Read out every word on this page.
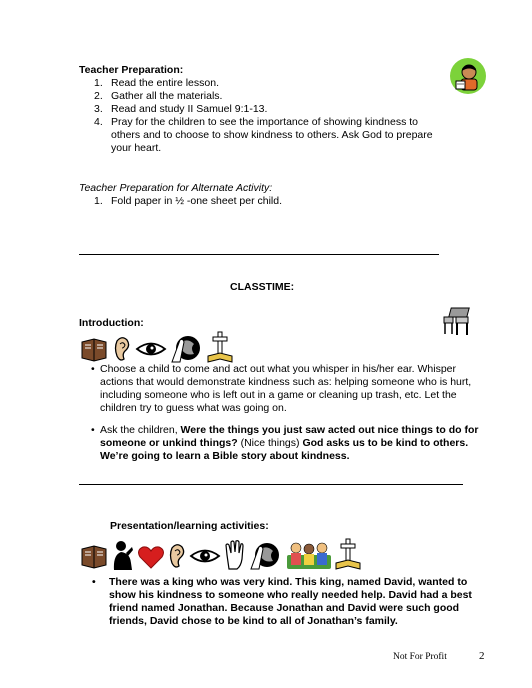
Teacher Preparation:
1. Read the entire lesson.
2. Gather all the materials.
3. Read and study II Samuel 9:1-13.
4. Pray for the children to see the importance of showing kindness to
others and to choose to show kindness to others. Ask God to prepare
your heart.
Teacher Preparation for Alternate Activity:
1. Fold paper in ½ -one sheet per child.
CLASSTIME:
Introduction:
• Choose a child to come and act out what you whisper in his/her ear. Whisper
actions that would demonstrate kindness such as: helping someone who is hurt,
including someone who is left out in a game or cleaning up trash, etc. Let the
children try to guess what was going on.
• Ask the children, Were the things you just saw acted out nice things to do for
someone or unkind things? (Nice things) God asks us to be kind to others.
We’re going to learn a Bible story about kindness.
Presentation/learning activities:
• There was a king who was very kind. This king, named David, wanted to
show his kindness to someone who really needed help. David had a best
friend named Jonathan. Because Jonathan and David were such good
friends, David chose to be kind to all of Jonathan’s family.
Not For Profit	2
